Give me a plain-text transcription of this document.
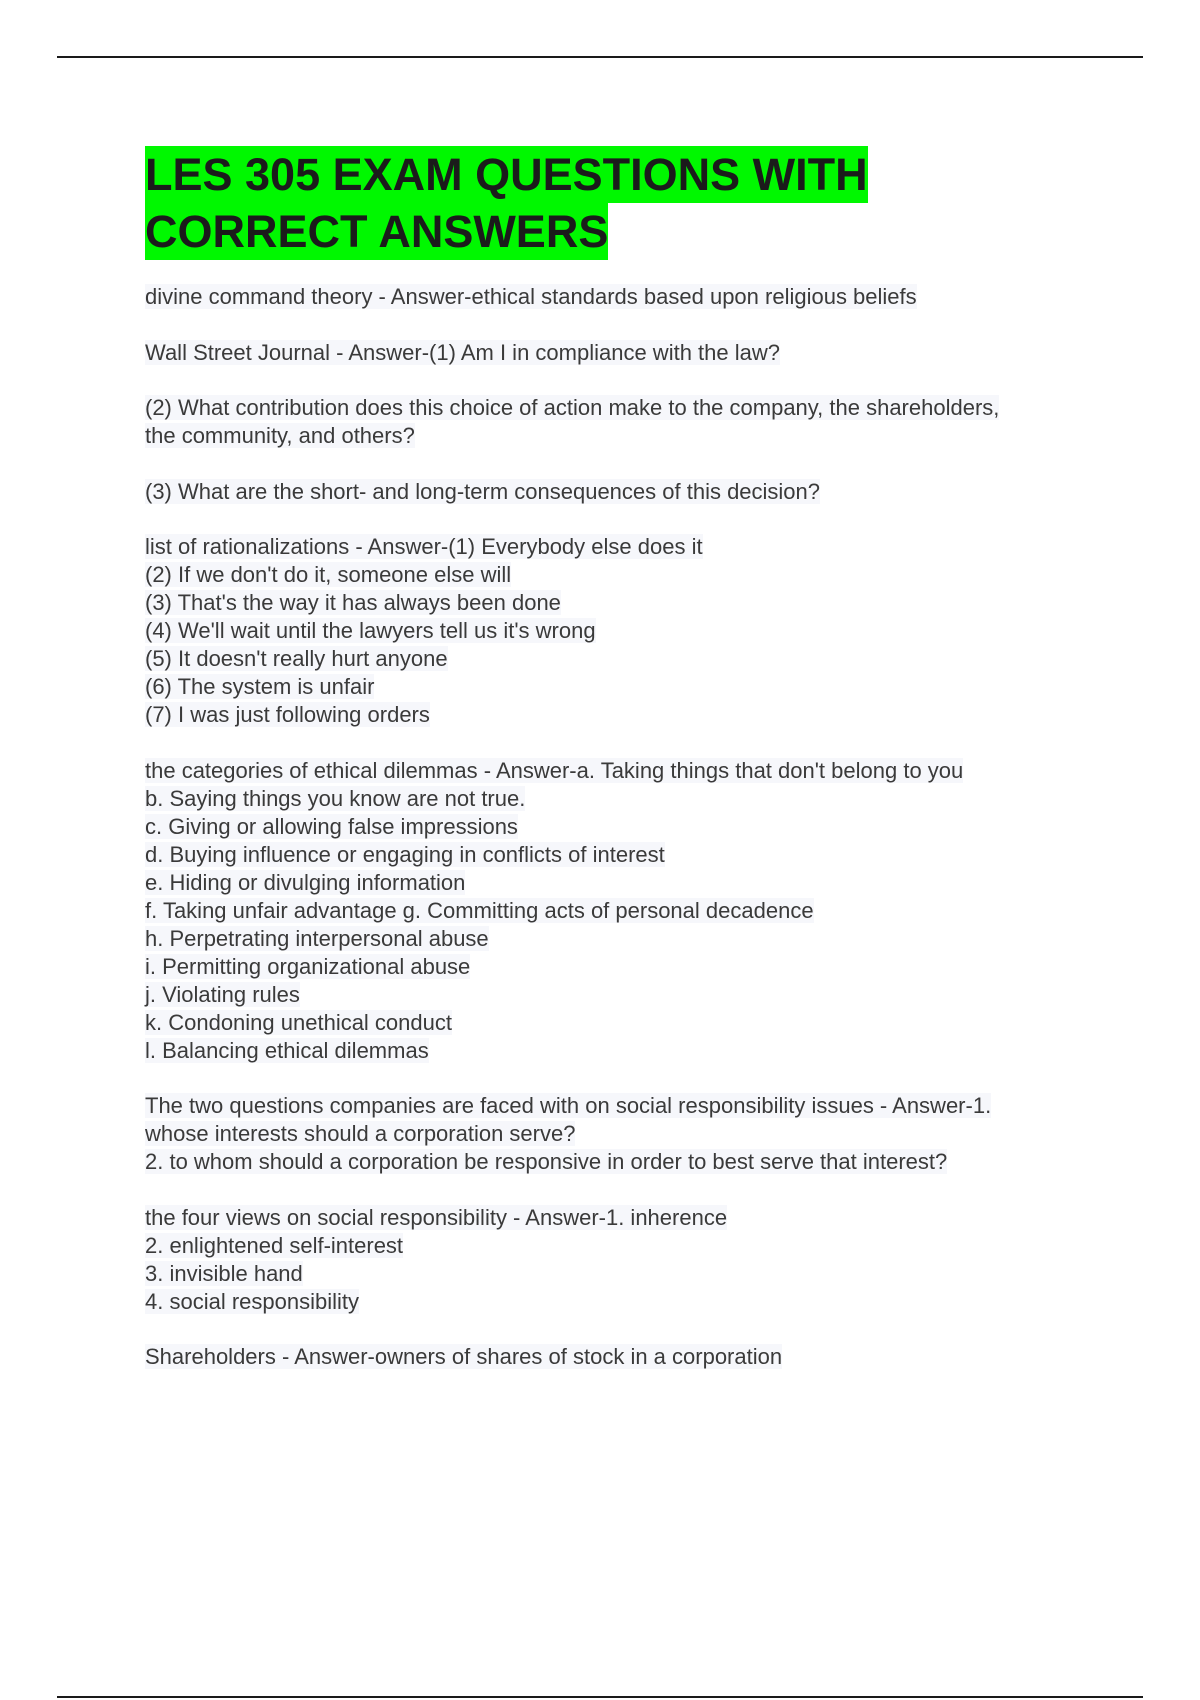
LES 305 EXAM QUESTIONS WITH
CORRECT ANSWERS
divine command theory - Answer-ethical standards based upon religious beliefs
Wall Street Journal - Answer-(1) Am I in compliance with the law?
(2) What contribution does this choice of action make to the company, the shareholders,
the community, and others?
(3) What are the short- and long-term consequences of this decision?
list of rationalizations - Answer-(1) Everybody else does it
(2) If we don't do it, someone else will
(3) That's the way it has always been done
(4) We'll wait until the lawyers tell us it's wrong
(5) It doesn't really hurt anyone
(6) The system is unfair
(7) I was just following orders
the categories of ethical dilemmas - Answer-a. Taking things that don't belong to you
b. Saying things you know are not true.
c. Giving or allowing false impressions
d. Buying influence or engaging in conflicts of interest
e. Hiding or divulging information
f. Taking unfair advantage g. Committing acts of personal decadence
h. Perpetrating interpersonal abuse
i. Permitting organizational abuse
j. Violating rules
k. Condoning unethical conduct
l. Balancing ethical dilemmas
The two questions companies are faced with on social responsibility issues - Answer-1.
whose interests should a corporation serve?
2. to whom should a corporation be responsive in order to best serve that interest?
the four views on social responsibility - Answer-1. inherence
2. enlightened self-interest
3. invisible hand
4. social responsibility
Shareholders - Answer-owners of shares of stock in a corporation
